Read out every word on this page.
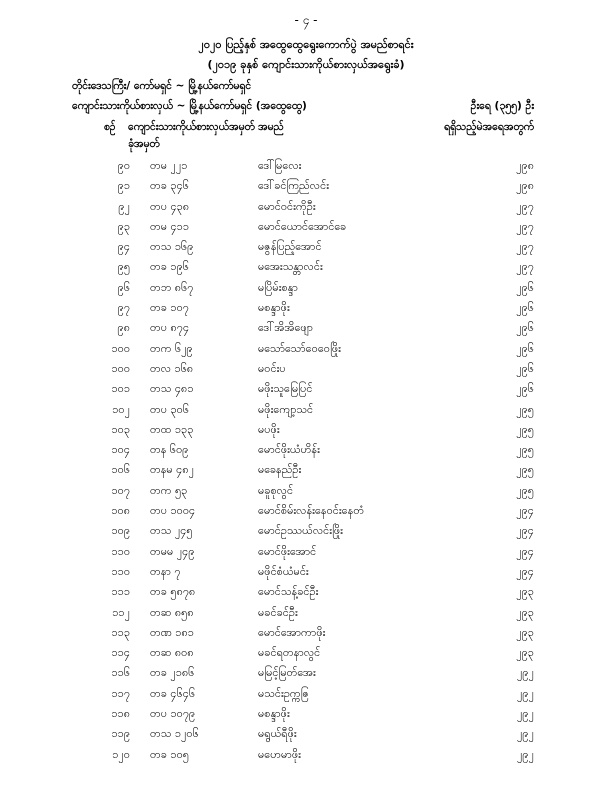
- ၄ -
၂၀၂၀ ပြည့်နှစ် အထွေထွေရွေးကောက်ပွဲ အမည်စာရင်း
(၂၀၁၉ ခုနှစ် ကျောင်းသားကိုယ်စားလှယ်အရွေးခံ)
တိုင်းဒေသကြီး/ ကော်မရှင် ~ မြို့နယ်ကော်မရှင်
ကျောင်းသားကိုယ်စားလှယ် ~ မြို့နယ်ကော်မရှင် (အထွေထွေ)	ဦးရေ (၃၅၅) ဦး
စဉ် ကျောင်းသားကိုယ်စားလှယ်အမှတ်
ခုံအမှတ်
အမည်	ရရှိသည့်မဲအရေအတွက်
၉၀ တမ ၂၂၁	ဒေါ်မြလေး	၂၉၈
၉၁ တခ ၃၄၆	ဒေါ်ခင်ကြည်လင်း	၂၉၈
၉၂ တပ ၄၃၈	မောင်ဝင်းကိုဦး	၂၉၇
၉၃ တမ ၄၁၁	မောင်ယောင်အောင်ခေ	၂၉၇
၉၄ တသ ၁၆၉	မဇွန်ပြည့်အောင်	၂၉၇
၉၅ တခ ၁၉၆	မအေးသန္တာလင်း	၂၉၇
၉၆ တဘ ၈၆၇	မပြိမ်းစန္ဒာ	၂၉၆
၉၇ တခ ၁၀၇	မစန္ဒာဖိုး	၂၉၆
၉၈ တပ ၈၇၄	ဒေါ်အိအိဖျော	၂၉၆
၁၀၀ တက ၆၂၉	မသော်သော်ဝေဝေဖြိုး	၂၉၆
၁၀၀ တလ ၁၆၈	မဝင်းပ	၂၉၆
၁၀၁ တသ ၄၈၁	မဖိုးသူမြေပြင်	၂၉၆
၁၀၂ တပ ၃၀၆	မဖိုးကျော့သင်	၂၉၅
၁၀၃ တထ ၁၃၃	မပဖိုး	၂၉၅
၁၀၄ တန ၆၀၉	မောင်ဖိုးယံဟိန်း	၂၉၅
၁၀၆ တနမ ၄၈၂	မခေနည်ဦး	၂၉၅
၁၀၇ တက ၅၃	မခူစုလွင်	၂၉၅
၁၀၈ တပ ၁၀၀၄	မောင်စိမ်းလန်းနေဝင်းနေတံ	၂၉၄
၁၀၉ တသ ၂၄၅	မောင်ဥဿယ်လင်းဖြိုး	၂၉၄
၁၁၀ တမမ ၂၄၉	မောင်ဖိုးအောင်	၂၉၄
၁၁၀ တနာ ၇	မဖိုင်စံယံမင်း	၂၉၄
၁၁၁ တခ ၅၈၇၈	မောင်သန့်ခင်ဦး	၂၉၃
၁၁၂ တဆ ၈၅၈	မခင်ခင်ဦး	၂၉၃
၁၁၃ တဏ ၁၈၁	မောင်အောကာဖိုး	၂၉၃
၁၁၄ တဆ ၈၀၈	မခင်ရတနာလွင်	၂၉၃
၁၁၆ တခ ၂၁၈၆	မမြင့်မြတ်အေး	၂၉၂
၁၁၇ တခ ၄၆၄၆	မသင်းဥက္ကဇြ	၂၉၂
၁၁၈ တပ ၁၀၇၉	မစန္ဒာဖိုး	၂၉၂
၁၁၉ တသ ၁၂၀၆	မရွယ်ရီဖိုး	၂၉၂
၁၂၀ တခ ၁၀၅	မဟေမာဖိုး	၂၉၂
